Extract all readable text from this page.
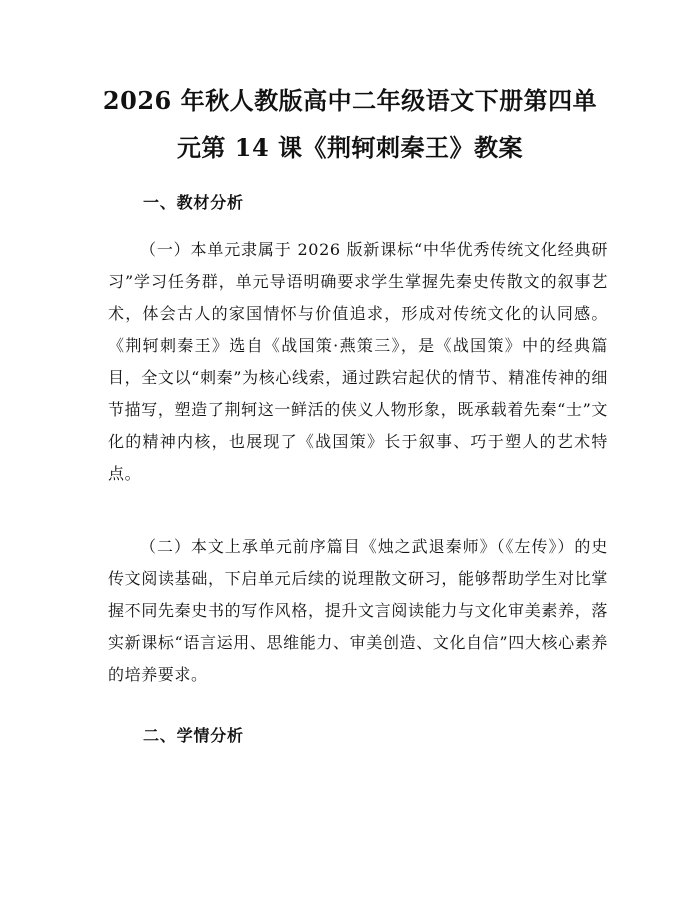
2026 年秋人教版高中二年级语文下册第四单
元第 14 课《荆轲刺秦王》教案
一、教材分析

（一）本单元隶属于 2026 版新课标“中华优秀传统文化经典研习”学习任务群，单元导语明确要求学生掌握先秦史传散文的叙事艺术，体会古人的家国情怀与价值追求，形成对传统文化的认同感。《荆轲刺秦王》选自《战国策·燕策三》，是《战国策》中的经典篇目，全文以“刺秦”为核心线索，通过跌宕起伏的情节、精准传神的细节描写，塑造了荆轲这一鲜活的侠义人物形象，既承载着先秦“士”文化的精神内核，也展现了《战国策》长于叙事、巧于塑人的艺术特点。

（二）本文上承单元前序篇目《烛之武退秦师》（《左传》）的史传文阅读基础，下启单元后续的说理散文研习，能够帮助学生对比掌握不同先秦史书的写作风格，提升文言阅读能力与文化审美素养，落实新课标“语言运用、思维能力、审美创造、文化自信”四大核心素养的培养要求。

二、学情分析
